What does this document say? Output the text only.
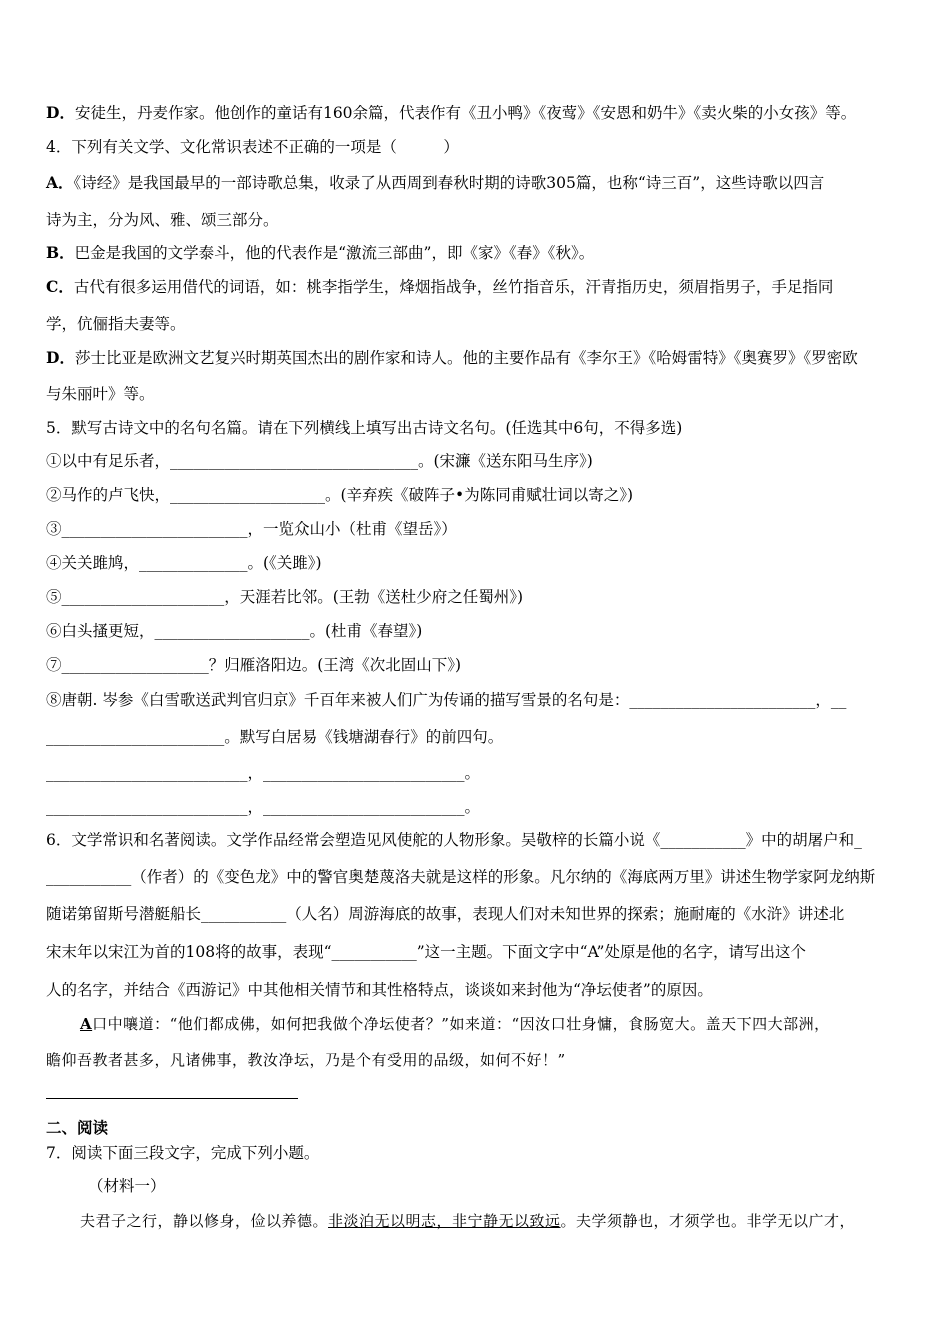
D．安徒生，丹麦作家。他创作的童话有160余篇，代表作有《丑小鸭》《夜莺》《安恩和奶牛》《卖火柴的小女孩》等。
4．下列有关文学、文化常识表述不正确的一项是（　　　）
A．《诗经》是我国最早的一部诗歌总集，收录了从西周到春秋时期的诗歌305篇，也称“诗三百”，这些诗歌以四言
诗为主，分为风、雅、颂三部分。
B．巴金是我国的文学泰斗，他的代表作是“激流三部曲”，即《家》《春》《秋》。
C．古代有很多运用借代的词语，如：桃李指学生，烽烟指战争，丝竹指音乐，汗青指历史，须眉指男子，手足指同
学，伉俪指夫妻等。
D．莎士比亚是欧洲文艺复兴时期英国杰出的剧作家和诗人。他的主要作品有《李尔王》《哈姆雷特》《奥赛罗》《罗密欧
与朱丽叶》等。
5．默写古诗文中的名句名篇。请在下列横线上填写出古诗文名句。(任选其中6句，不得多选)
①以中有足乐者，________________________________。(宋濂《送东阳马生序》)
②马作的卢飞快，____________________。(辛弃疾《破阵子•为陈同甫赋壮词以寄之》)
③________________________，一览众山小（杜甫《望岳》）
④关关雎鸠，______________。(《关雎》)
⑤_____________________，天涯若比邻。(王勃《送杜少府之任蜀州》)
⑥白头搔更短，____________________。(杜甫《春望》)
⑦___________________？归雁洛阳边。(王湾《次北固山下》)
⑧唐朝. 岑参《白雪歌送武判官归京》千百年来被人们广为传诵的描写雪景的名句是：________________________，__
_______________________。默写白居易《钱塘湖春行》的前四句。
__________________________，__________________________。
__________________________，__________________________。
6．文学常识和名著阅读。文学作品经常会塑造见风使舵的人物形象。吴敬梓的长篇小说《___________》中的胡屠户和_
___________（作者）的《变色龙》中的警官奥楚蔑洛夫就是这样的形象。凡尔纳的《海底两万里》讲述生物学家阿龙纳斯
随诺第留斯号潜艇船长___________（人名）周游海底的故事，表现人们对未知世界的探索；施耐庵的《水浒》讲述北
宋末年以宋江为首的108将的故事，表现“___________”这一主题。下面文字中“A”处原是他的名字，请写出这个
人的名字，并结合《西游记》中其他相关情节和其性格特点，谈谈如来封他为“净坛使者”的原因。
A口中嚷道：“他们都成佛，如何把我做个净坛使者？”如来道：“因汝口壮身慵，食肠宽大。盖天下四大部洲，
瞻仰吾教者甚多，凡诸佛事，教汝净坛，乃是个有受用的品级，如何不好！”
二、阅读
7．阅读下面三段文字，完成下列小题。
（材料一）
夫君子之行，静以修身，俭以养德。非淡泊无以明志，非宁静无以致远。夫学须静也，才须学也。非学无以广才，
